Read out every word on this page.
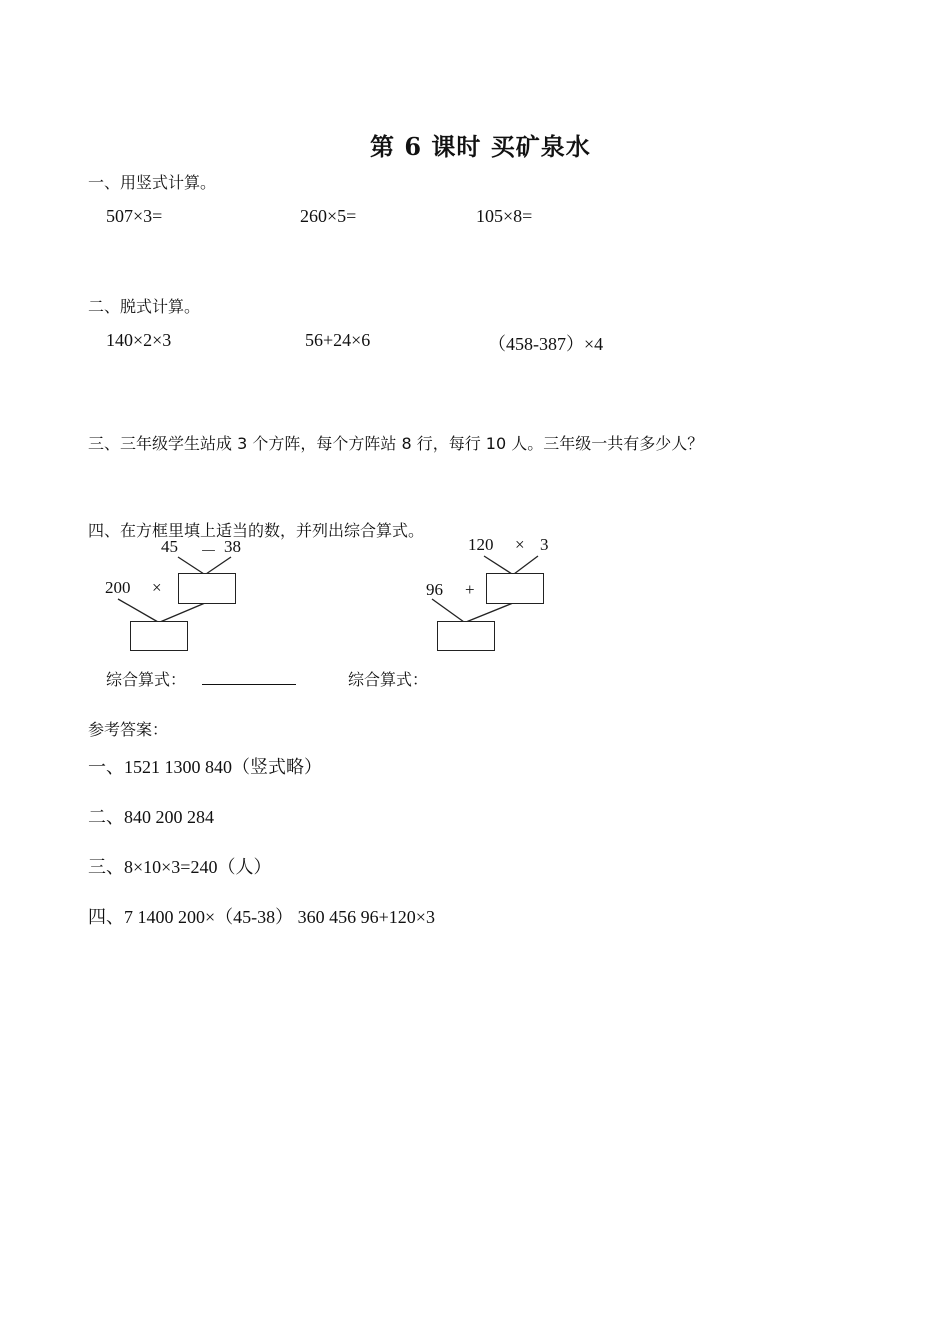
第 6 课时 买矿泉水
一、用竖式计算。
507×3=	260×5=	105×8=
二、脱式计算。
140×2×3	56+24×6	（458-387）×4
三、三年级学生站成 3 个方阵，每个方阵站 8 行，每行 10 人。三年级一共有多少人？
四、在方框里填上适当的数，并列出综合算式。
45 － 38
200 ×
120 × 3
96 +
综合算式：	综合算式：
参考答案：
一、1521 1300 840（竖式略）
二、840 200 284
三、8×10×3=240（人）
四、7 1400 200×（45-38） 360 456 96+120×3
